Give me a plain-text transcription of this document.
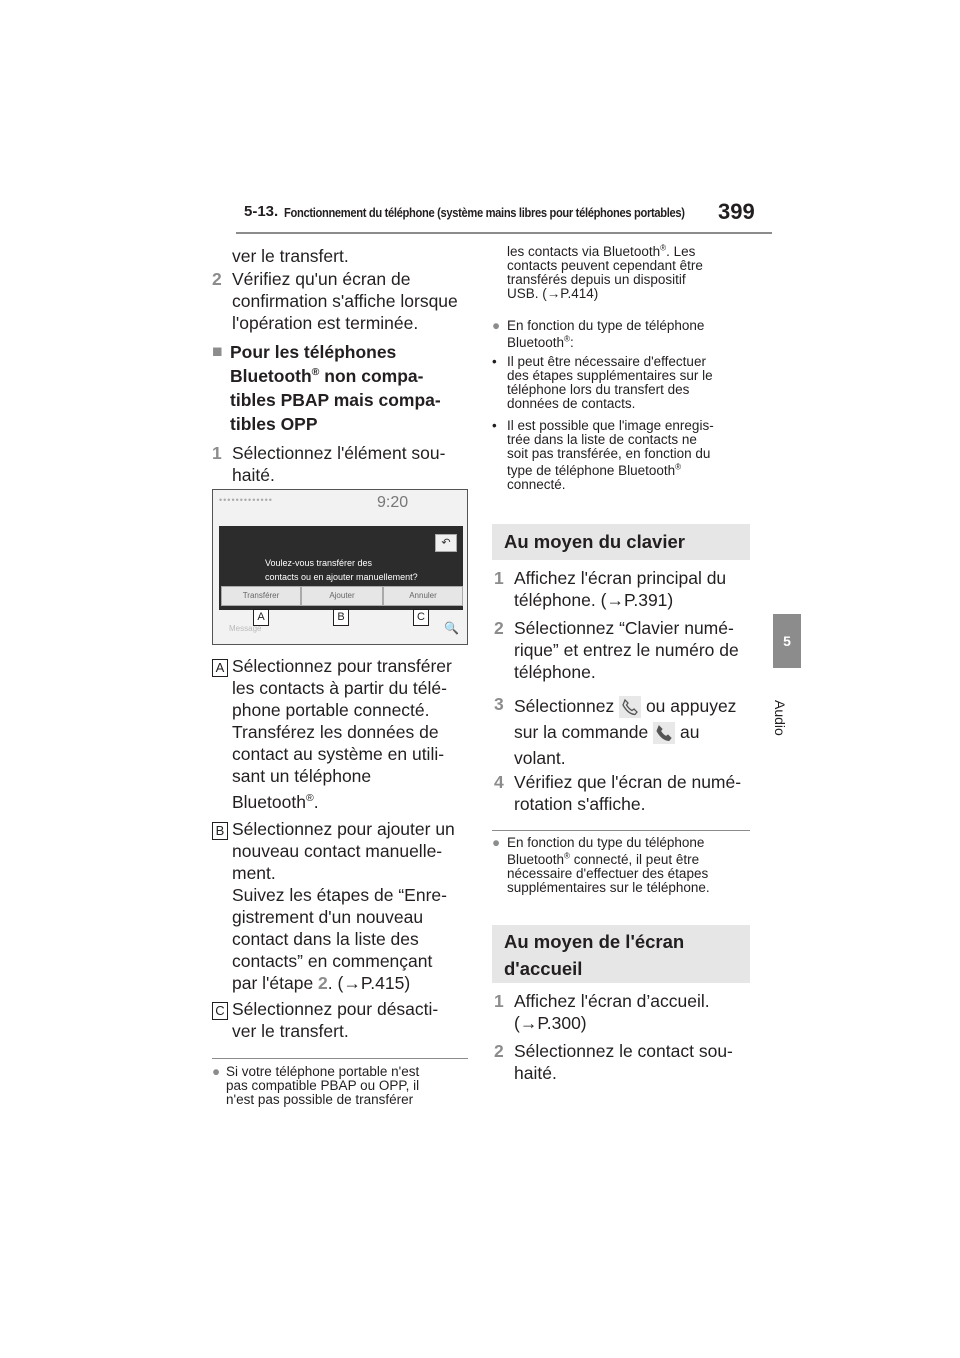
5-13. Fonctionnement du téléphone (système mains libres pour téléphones portables) 399
5
Audio
ver le transfert.
2 Vérifiez qu'un écran de
confirmation s'affiche lorsque
l'opération est terminée.
■ Pour les téléphones
Bluetooth® non compa-
tibles PBAP mais compa-
tibles OPP
1 Sélectionnez l'élément sou-
haité.
•••••••••••••	9:20
↶
Voulez-vous transférer des
contacts ou en ajouter manuellement?
Transférer	Ajouter	Annuler
A	B	C
Message	🔍
A Sélectionnez pour transférer
les contacts à partir du télé-
phone portable connecté.
Transférez les données de
contact au système en utili-
sant un téléphone
Bluetooth®.
B Sélectionnez pour ajouter un
nouveau contact manuelle-
ment.
Suivez les étapes de “Enre-
gistrement d'un nouveau
contact dans la liste des
contacts” en commençant
par l'étape 2. (→P.415)
C Sélectionnez pour désacti-
ver le transfert.
● Si votre téléphone portable n'est
pas compatible PBAP ou OPP, il
n'est pas possible de transférer
les contacts via Bluetooth®. Les
contacts peuvent cependant être
transférés depuis un dispositif
USB. (→P.414)
● En fonction du type de téléphone
Bluetooth®:
• Il peut être nécessaire d'effectuer
des étapes supplémentaires sur le
téléphone lors du transfert des
données de contacts.
• Il est possible que l'image enregis-
trée dans la liste de contacts ne
soit pas transférée, en fonction du
type de téléphone Bluetooth®
connecté.
Au moyen du clavier
1 Affichez l'écran principal du
téléphone. (→P.391)
2 Sélectionnez “Clavier numé-
rique” et entrez le numéro de
téléphone.
3 Sélectionnez  ou appuyez
sur la commande  au
volant.
4 Vérifiez que l'écran de numé-
rotation s'affiche.
● En fonction du type du téléphone
Bluetooth® connecté, il peut être
nécessaire d'effectuer des étapes
supplémentaires sur le téléphone.
Au moyen de l'écran
d'accueil
1 Affichez l'écran d’accueil.
(→P.300)
2 Sélectionnez le contact sou-
haité.
